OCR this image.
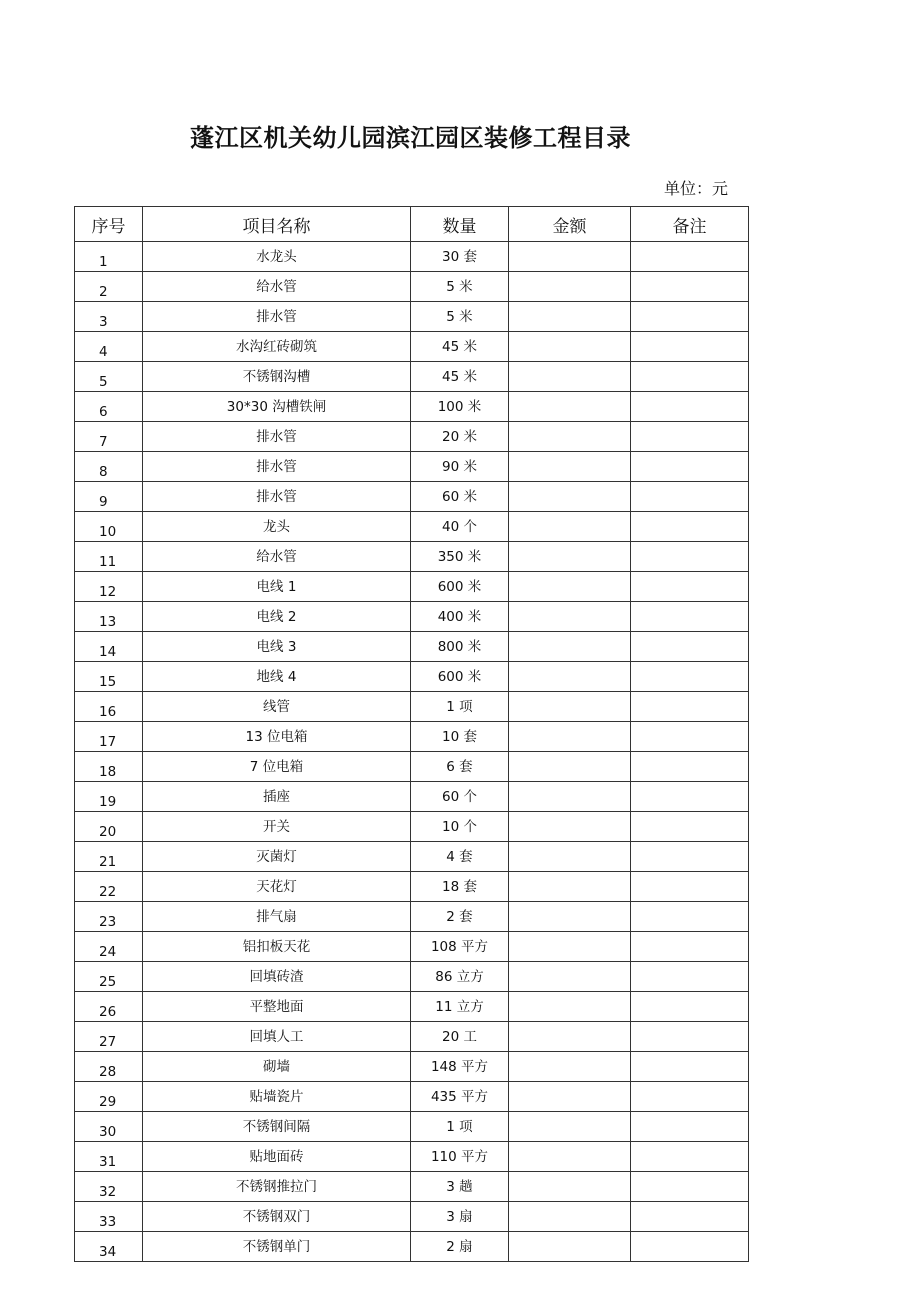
蓬江区机关幼儿园滨江园区装修工程目录
单位：元
序号	项目名称	数量	金额	备注
1	水龙头	30 套		
2	给水管	5 米		
3	排水管	5 米		
4	水沟红砖砌筑	45 米		
5	不锈钢沟槽	45 米		
6	30*30 沟槽铁闸	100 米		
7	排水管	20 米		
8	排水管	90 米		
9	排水管	60 米		
10	龙头	40 个		
11	给水管	350 米		
12	电线 1	600 米		
13	电线 2	400 米		
14	电线 3	800 米		
15	地线 4	600 米		
16	线管	1 项		
17	13 位电箱	10 套		
18	7 位电箱	6 套		
19	插座	60 个		
20	开关	10 个		
21	灭菌灯	4 套		
22	天花灯	18 套		
23	排气扇	2 套		
24	铝扣板天花	108 平方		
25	回填砖渣	86 立方		
26	平整地面	11 立方		
27	回填人工	20 工		
28	砌墙	148 平方		
29	贴墙瓷片	435 平方		
30	不锈钢间隔	1 项		
31	贴地面砖	110 平方		
32	不锈钢推拉门	3 趟		
33	不锈钢双门	3 扇		
34	不锈钢单门	2 扇		
